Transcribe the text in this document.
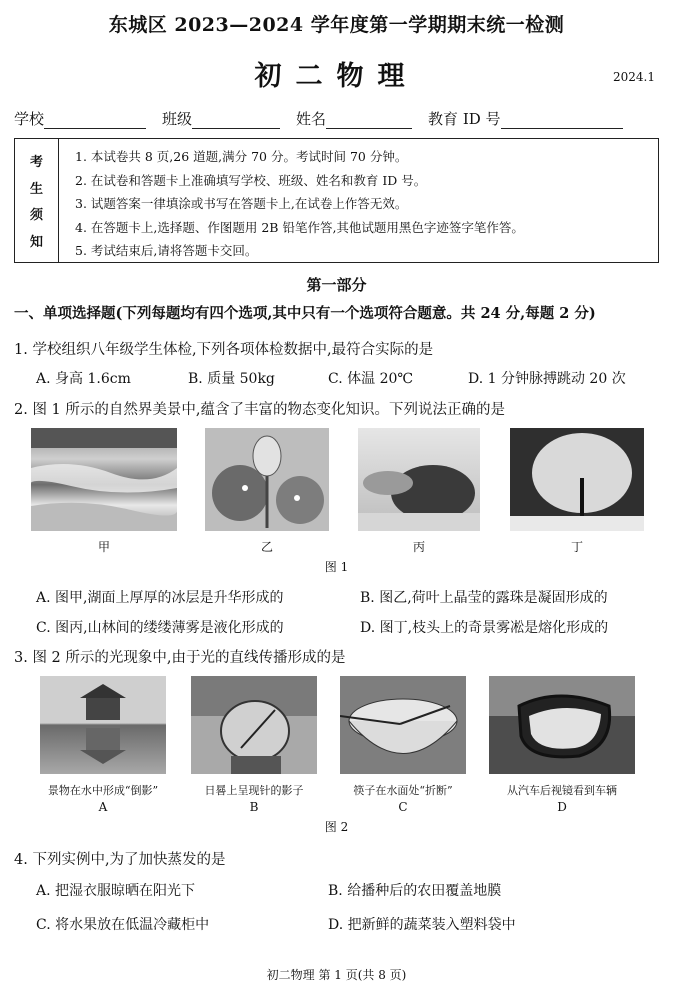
东城区 2023—2024 学年度第一学期期末统一检测
初二物理	2024.1
学校	班级	姓名	教育 ID 号
考
生
须
知
1. 本试卷共 8 页,26 道题,满分 70 分。考试时间 70 分钟。
2. 在试卷和答题卡上准确填写学校、班级、姓名和教育 ID 号。
3. 试题答案一律填涂或书写在答题卡上,在试卷上作答无效。
4. 在答题卡上,选择题、作图题用 2B 铅笔作答,其他试题用黑色字迹签字笔作答。
5. 考试结束后,请将答题卡交回。
第一部分
一、单项选择题(下列每题均有四个选项,其中只有一个选项符合题意。共 24 分,每题 2 分)
1. 学校组织八年级学生体检,下列各项体检数据中,最符合实际的是
A. 身高 1.6cm	B. 质量 50kg	C. 体温 20℃	D. 1 分钟脉搏跳动 20 次
2. 图 1 所示的自然界美景中,蕴含了丰富的物态变化知识。下列说法正确的是
甲	乙	丙	丁
图 1
A. 图甲,湖面上厚厚的冰层是升华形成的	B. 图乙,荷叶上晶莹的露珠是凝固形成的
C. 图丙,山林间的缕缕薄雾是液化形成的	D. 图丁,枝头上的奇景雾凇是熔化形成的
3. 图 2 所示的光现象中,由于光的直线传播形成的是
景物在水中形成“倒影”	日晷上呈现针的影子	筷子在水面处“折断”	从汽车后视镜看到车辆
A	B	C	D
图 2
4. 下列实例中,为了加快蒸发的是
A. 把湿衣服晾晒在阳光下	B. 给播种后的农田覆盖地膜
C. 将水果放在低温冷藏柜中	D. 把新鲜的蔬菜装入塑料袋中
初二物理 第 1 页(共 8 页)
